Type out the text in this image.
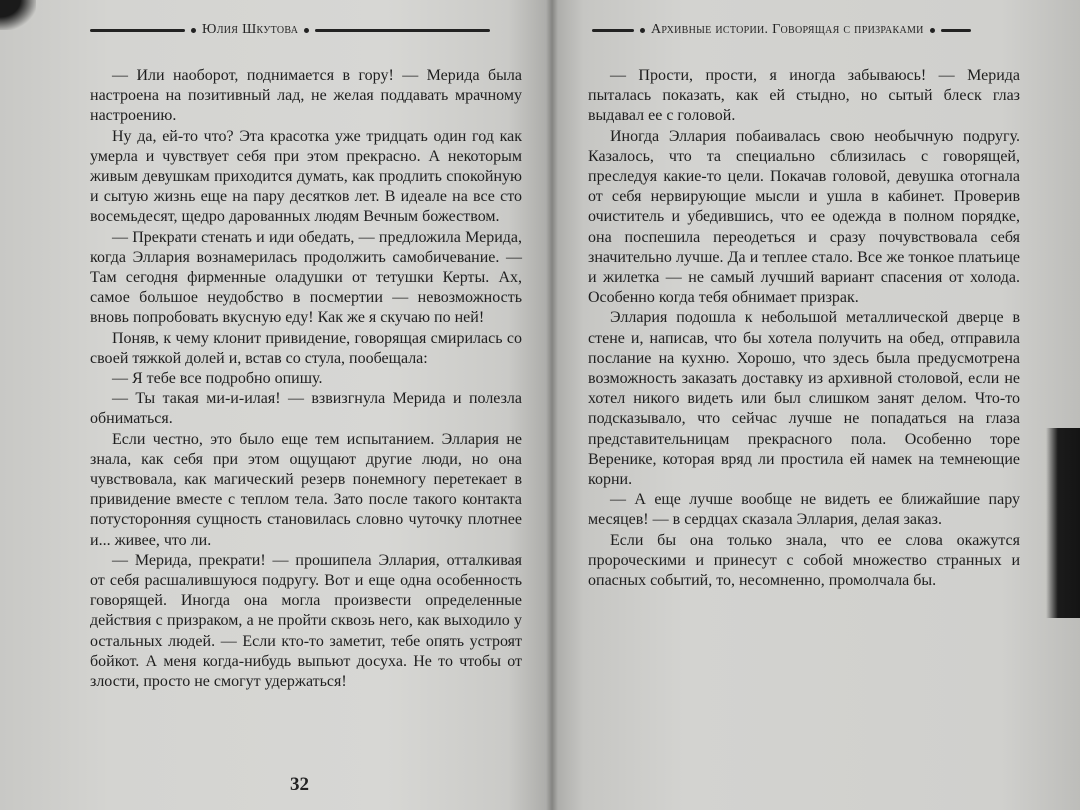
Юлия Шкутова

— Или наоборот, поднимается в гору! — Мерида была настроена на позитивный лад, не желая поддавать мрачному настроению.

Ну да, ей-то что? Эта красотка уже тридцать один год как умерла и чувствует себя при этом прекрасно. А некоторым живым девушкам приходится думать, как продлить спокойную и сытую жизнь еще на пару десятков лет. В идеале на все сто восемьдесят, щедро дарованных людям Вечным божеством.

— Прекрати стенать и иди обедать, — предложила Мерида, когда Эллария вознамерилась продолжить самобичевание. — Там сегодня фирменные оладушки от тетушки Керты. Ах, самое большое неудобство в посмертии — невозможность вновь попробовать вкусную еду! Как же я скучаю по ней!

Поняв, к чему клонит привидение, говорящая смирилась со своей тяжкой долей и, встав со стула, пообещала:

— Я тебе все подробно опишу.

— Ты такая ми-и-илая! — взвизгнула Мерида и полезла обниматься.

Если честно, это было еще тем испытанием. Эллария не знала, как себя при этом ощущают другие люди, но она чувствовала, как магический резерв понемногу перетекает в привидение вместе с теплом тела. Зато после такого контакта потусторонняя сущность становилась словно чуточку плотнее и... живее, что ли.

— Мерида, прекрати! — прошипела Эллария, отталкивая от себя расшалившуюся подругу. Вот и еще одна особенность говорящей. Иногда она могла произвести определенные действия с призраком, а не пройти сквозь него, как выходило у остальных людей. — Если кто-то заметит, тебе опять устроят бойкот. А меня когда-нибудь выпьют досуха. Не то чтобы от злости, просто не смогут удержаться!

32
Архивные истории. Говорящая с призраками

— Прости, прости, я иногда забываюсь! — Мерида пыталась показать, как ей стыдно, но сытый блеск глаз выдавал ее с головой.

Иногда Эллария побаивалась свою необычную подругу. Казалось, что та специально сблизилась с говорящей, преследуя какие-то цели. Покачав головой, девушка отогнала от себя нервирующие мысли и ушла в кабинет. Проверив очиститель и убедившись, что ее одежда в полном порядке, она поспешила переодеться и сразу почувствовала себя значительно лучше. Да и теплее стало. Все же тонкое платьице и жилетка — не самый лучший вариант спасения от холода. Особенно когда тебя обнимает призрак.

Эллария подошла к небольшой металлической дверце в стене и, написав, что бы хотела получить на обед, отправила послание на кухню. Хорошо, что здесь была предусмотрена возможность заказать доставку из архивной столовой, если не хотел никого видеть или был слишком занят делом. Что-то подсказывало, что сейчас лучше не попадаться на глаза представительницам прекрасного пола. Особенно торе Веренике, которая вряд ли простила ей намек на темнеющие корни.

— А еще лучше вообще не видеть ее ближайшие пару месяцев! — в сердцах сказала Эллария, делая заказ.

Если бы она только знала, что ее слова окажутся пророческими и принесут с собой множество странных и опасных событий, то, несомненно, промолчала бы.
